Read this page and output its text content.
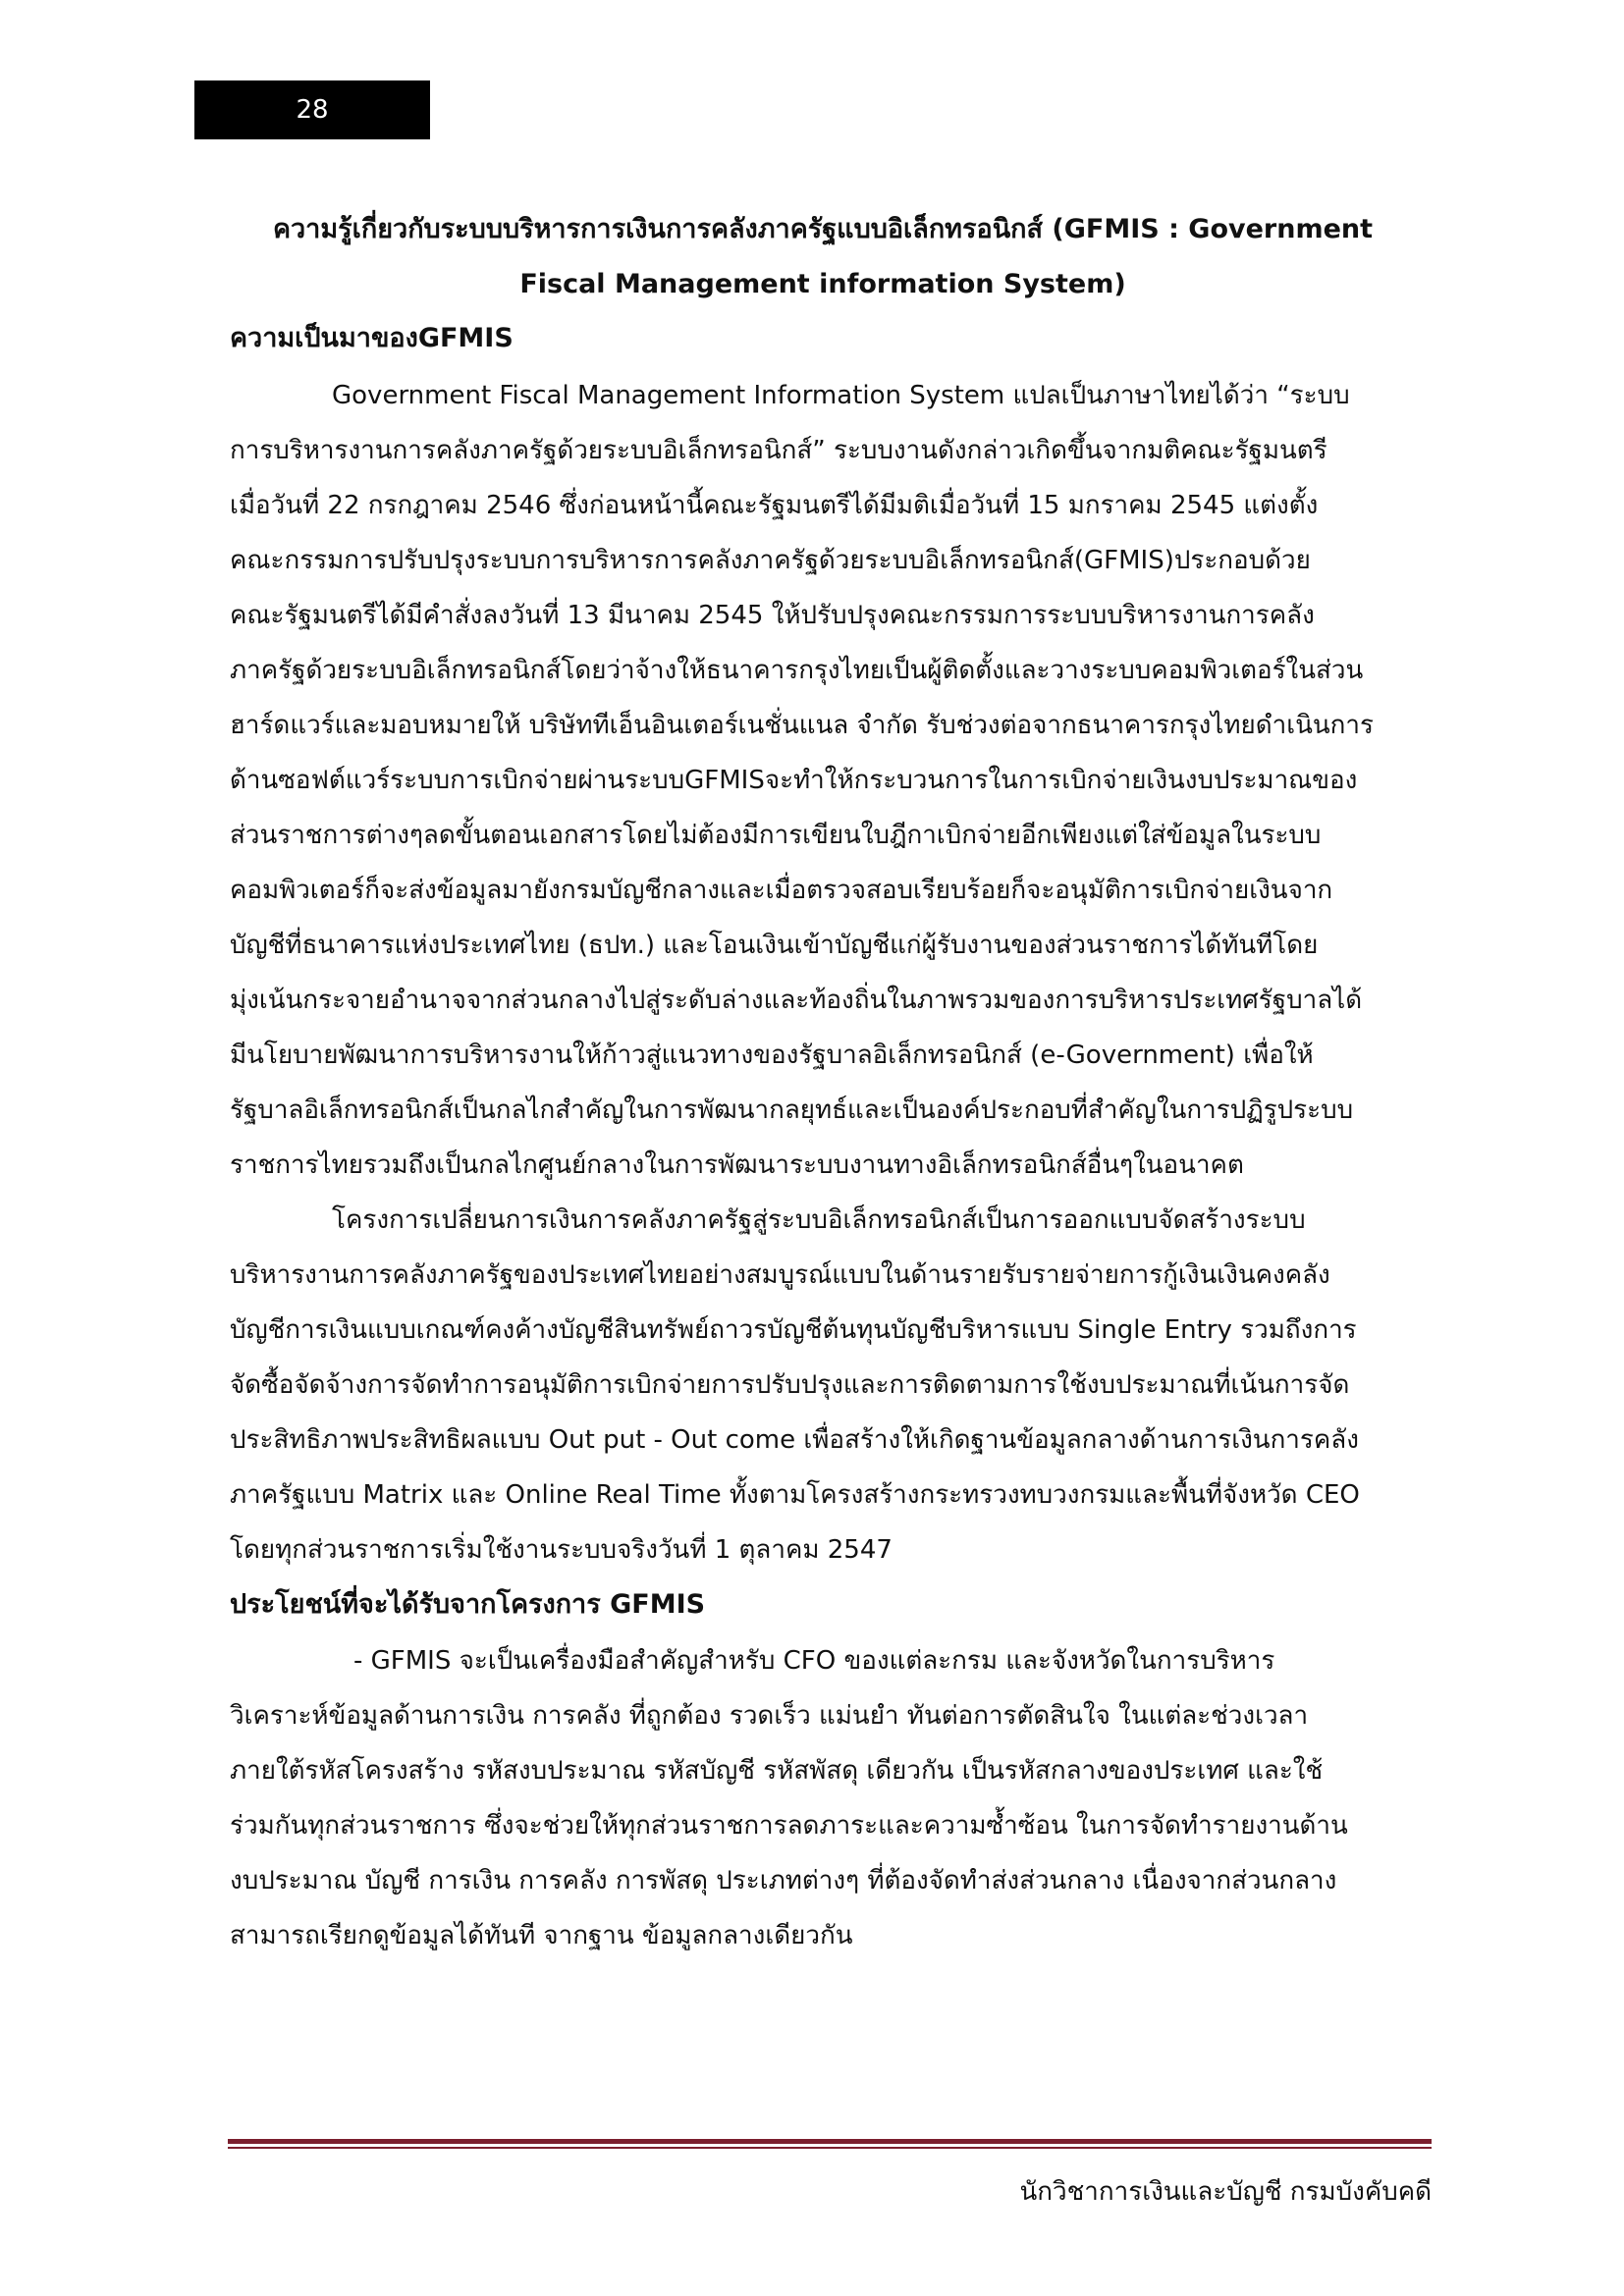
28
ความรู้เกี่ยวกับระบบบริหารการเงินการคลังภาครัฐแบบอิเล็กทรอนิกส์ (GFMIS : Government
Fiscal Management information System)
ความเป็นมาของGFMIS
Government Fiscal Management Information System แปลเป็นภาษาไทยได้ว่า “ระบบ
การบริหารงานการคลังภาครัฐด้วยระบบอิเล็กทรอนิกส์” ระบบงานดังกล่าวเกิดขึ้นจากมติคณะรัฐมนตรี
เมื่อวันที่ 22 กรกฎาคม 2546 ซึ่งก่อนหน้านี้คณะรัฐมนตรีได้มีมติเมื่อวันที่ 15 มกราคม 2545 แต่งตั้ง
คณะกรรมการปรับปรุงระบบการบริหารการคลังภาครัฐด้วยระบบอิเล็กทรอนิกส์(GFMIS)ประกอบด้วย
คณะรัฐมนตรีได้มีคำสั่งลงวันที่ 13 มีนาคม 2545 ให้ปรับปรุงคณะกรรมการระบบบริหารงานการคลัง
ภาครัฐด้วยระบบอิเล็กทรอนิกส์โดยว่าจ้างให้ธนาคารกรุงไทยเป็นผู้ติดตั้งและวางระบบคอมพิวเตอร์ในส่วน
ฮาร์ดแวร์และมอบหมายให้ บริษัททีเอ็นอินเตอร์เนชั่นแนล จำกัด รับช่วงต่อจากธนาคารกรุงไทยดำเนินการ
ด้านซอฟต์แวร์ระบบการเบิกจ่ายผ่านระบบGFMISจะทำให้กระบวนการในการเบิกจ่ายเงินงบประมาณของ
ส่วนราชการต่างๆลดขั้นตอนเอกสารโดยไม่ต้องมีการเขียนใบฎีกาเบิกจ่ายอีกเพียงแต่ใส่ข้อมูลในระบบ
คอมพิวเตอร์ก็จะส่งข้อมูลมายังกรมบัญชีกลางและเมื่อตรวจสอบเรียบร้อยก็จะอนุมัติการเบิกจ่ายเงินจาก
บัญชีที่ธนาคารแห่งประเทศไทย (ธปท.) และโอนเงินเข้าบัญชีแก่ผู้รับงานของส่วนราชการได้ทันทีโดย
มุ่งเน้นกระจายอำนาจจากส่วนกลางไปสู่ระดับล่างและท้องถิ่นในภาพรวมของการบริหารประเทศรัฐบาลได้
มีนโยบายพัฒนาการบริหารงานให้ก้าวสู่แนวทางของรัฐบาลอิเล็กทรอนิกส์ (e-Government) เพื่อให้
รัฐบาลอิเล็กทรอนิกส์เป็นกลไกสำคัญในการพัฒนากลยุทธ์และเป็นองค์ประกอบที่สำคัญในการปฏิรูประบบ
ราชการไทยรวมถึงเป็นกลไกศูนย์กลางในการพัฒนาระบบงานทางอิเล็กทรอนิกส์อื่นๆในอนาคต
โครงการเปลี่ยนการเงินการคลังภาครัฐสู่ระบบอิเล็กทรอนิกส์เป็นการออกแบบจัดสร้างระบบ
บริหารงานการคลังภาครัฐของประเทศไทยอย่างสมบูรณ์แบบในด้านรายรับรายจ่ายการกู้เงินเงินคงคลัง
บัญชีการเงินแบบเกณฑ์คงค้างบัญชีสินทรัพย์ถาวรบัญชีต้นทุนบัญชีบริหารแบบ Single Entry รวมถึงการ
จัดซื้อจัดจ้างการจัดทำการอนุมัติการเบิกจ่ายการปรับปรุงและการติดตามการใช้งบประมาณที่เน้นการจัด
ประสิทธิภาพประสิทธิผลแบบ Out put - Out come เพื่อสร้างให้เกิดฐานข้อมูลกลางด้านการเงินการคลัง
ภาครัฐแบบ Matrix และ Online Real Time ทั้งตามโครงสร้างกระทรวงทบวงกรมและพื้นที่จังหวัด CEO
โดยทุกส่วนราชการเริ่มใช้งานระบบจริงวันที่ 1 ตุลาคม 2547
ประโยชน์ที่จะได้รับจากโครงการ GFMIS
- GFMIS จะเป็นเครื่องมือสำคัญสำหรับ CFO ของแต่ละกรม และจังหวัดในการบริหาร
วิเคราะห์ข้อมูลด้านการเงิน การคลัง ที่ถูกต้อง รวดเร็ว แม่นยำ ทันต่อการตัดสินใจ ในแต่ละช่วงเวลา
ภายใต้รหัสโครงสร้าง รหัสงบประมาณ รหัสบัญชี รหัสพัสดุ เดียวกัน เป็นรหัสกลางของประเทศ และใช้
ร่วมกันทุกส่วนราชการ ซึ่งจะช่วยให้ทุกส่วนราชการลดภาระและความซ้ำซ้อน ในการจัดทำรายงานด้าน
งบประมาณ บัญชี การเงิน การคลัง การพัสดุ ประเภทต่างๆ ที่ต้องจัดทำส่งส่วนกลาง เนื่องจากส่วนกลาง
สามารถเรียกดูข้อมูลได้ทันที จากฐาน ข้อมูลกลางเดียวกัน
นักวิชาการเงินและบัญชี กรมบังคับคดี
